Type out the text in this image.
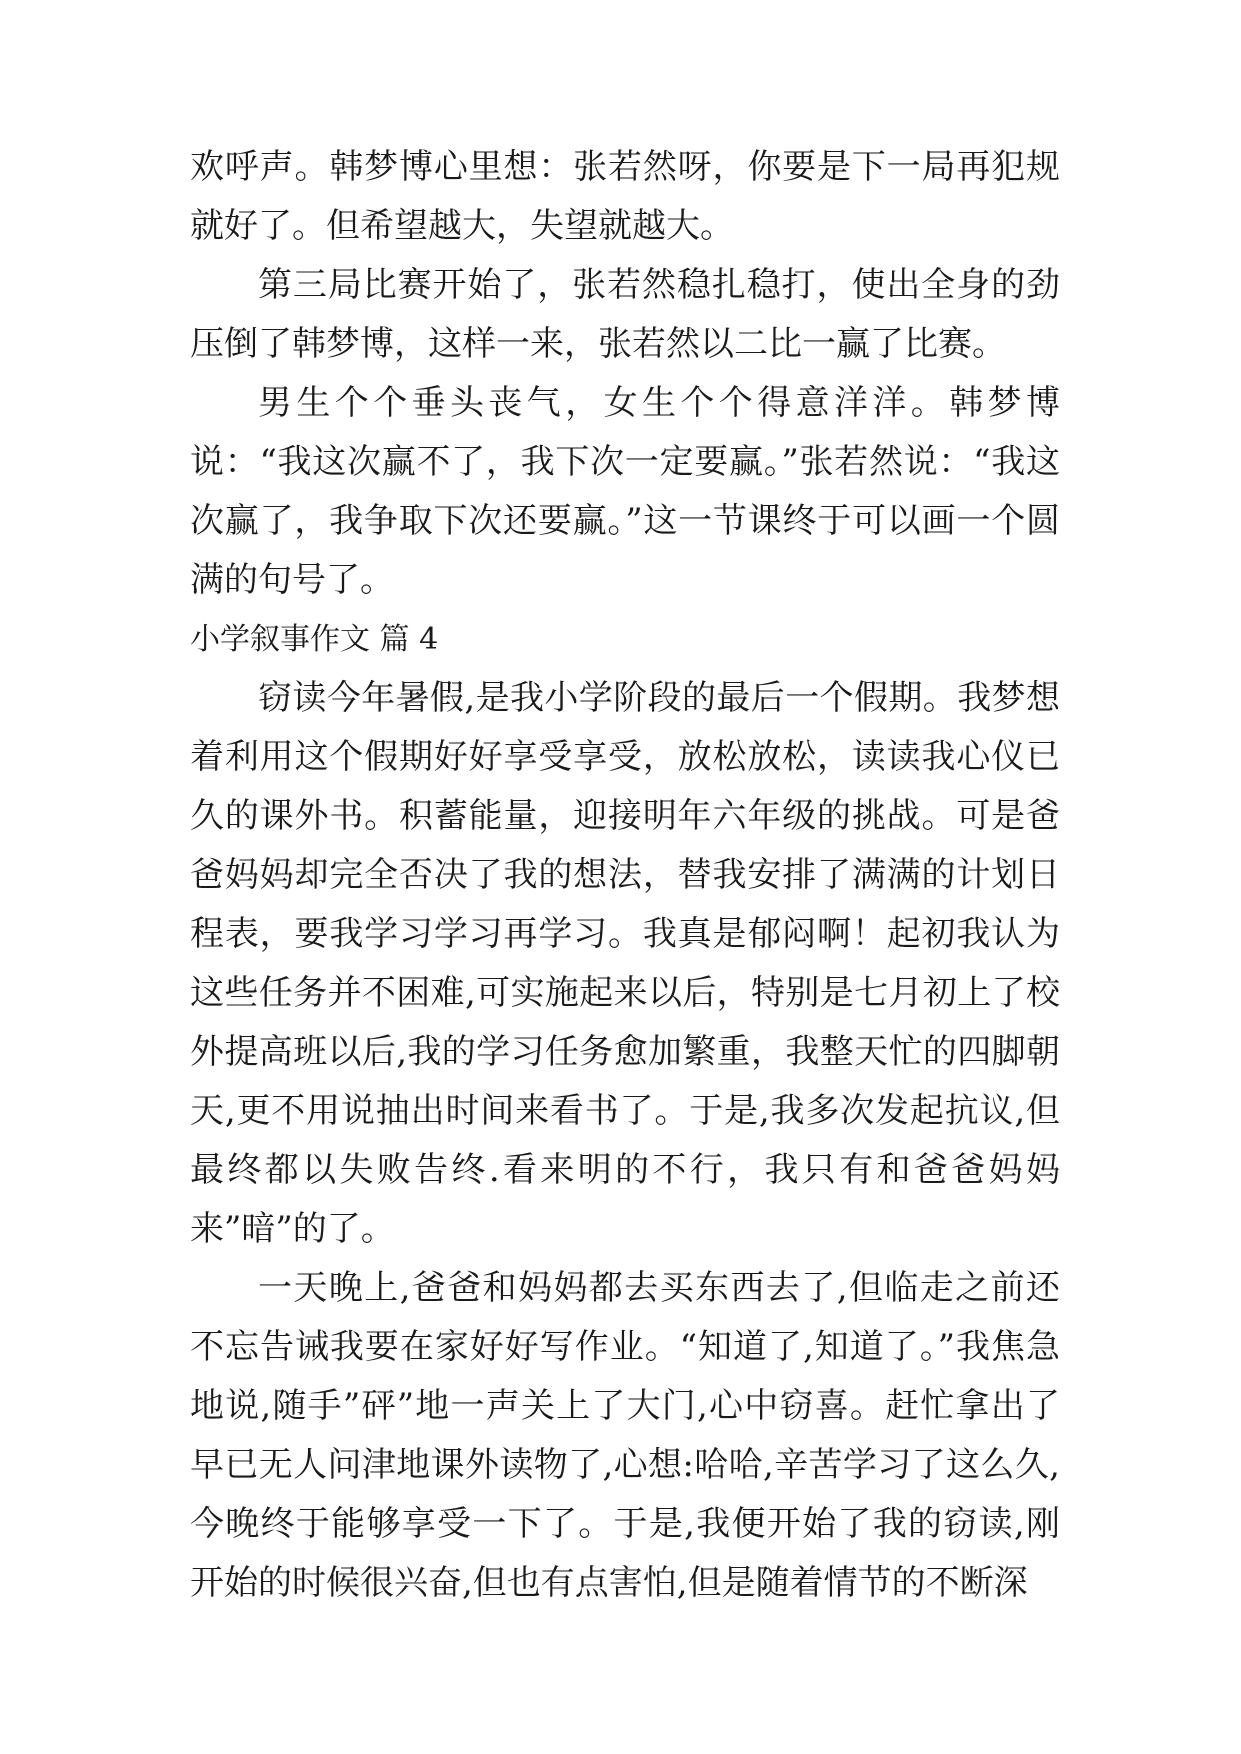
欢呼声。韩梦博心里想：张若然呀，你要是下一局再犯规就好了。但希望越大，失望就越大。

第三局比赛开始了，张若然稳扎稳打，使出全身的劲压倒了韩梦博，这样一来，张若然以二比一赢了比赛。

男生个个垂头丧气，女生个个得意洋洋。韩梦博说：“我这次赢不了，我下次一定要赢。”张若然说：“我这次赢了，我争取下次还要赢。”这一节课终于可以画一个圆满的句号了。

小学叙事作文 篇 4

窃读今年暑假,是我小学阶段的最后一个假期。我梦想着利用这个假期好好享受享受，放松放松，读读我心仪已久的课外书。积蓄能量，迎接明年六年级的挑战。可是爸爸妈妈却完全否决了我的想法，替我安排了满满的计划日程表，要我学习学习再学习。我真是郁闷啊！起初我认为这些任务并不困难,可实施起来以后，特别是七月初上了校外提高班以后,我的学习任务愈加繁重，我整天忙的四脚朝天,更不用说抽出时间来看书了。于是,我多次发起抗议,但最终都以失败告终.看来明的不行，我只有和爸爸妈妈来”暗”的了。

一天晚上,爸爸和妈妈都去买东西去了,但临走之前还不忘告诫我要在家好好写作业。“知道了,知道了。”我焦急地说,随手”砰”地一声关上了大门,心中窃喜。赶忙拿出了早已无人问津地课外读物了,心想:哈哈,辛苦学习了这么久,今晚终于能够享受一下了。于是,我便开始了我的窃读,刚开始的时候很兴奋,但也有点害怕,但是随着情节的不断深
